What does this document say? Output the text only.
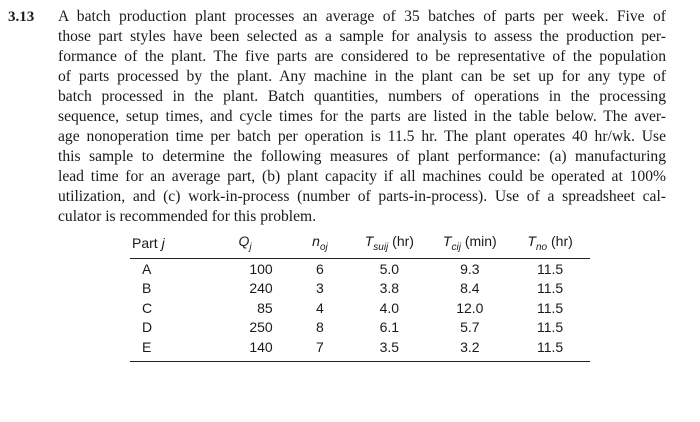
3.13 A batch production plant processes an average of 35 batches of parts per week. Five of
those part styles have been selected as a sample for analysis to assess the production per-
formance of the plant. The five parts are considered to be representative of the population
of parts processed by the plant. Any machine in the plant can be set up for any type of
batch processed in the plant. Batch quantities, numbers of operations in the processing
sequence, setup times, and cycle times for the parts are listed in the table below. The aver-
age nonoperation time per batch per operation is 11.5 hr. The plant operates 40 hr/wk. Use
this sample to determine the following measures of plant performance: (a) manufacturing
lead time for an average part, (b) plant capacity if all machines could be operated at 100%
utilization, and (c) work-in-process (number of parts-in-process). Use of a spreadsheet cal-
culator is recommended for this problem.
Part j	$Q_j$	$n_{oj}$	$T_{suij}$ (hr)	$T_{cij}$ (min)	$T_{no}$ (hr)
A	100	6	5.0	9.3	11.5
B	240	3	3.8	8.4	11.5
C	85	4	4.0	12.0	11.5
D	250	8	6.1	5.7	11.5
E	140	7	3.5	3.2	11.5
